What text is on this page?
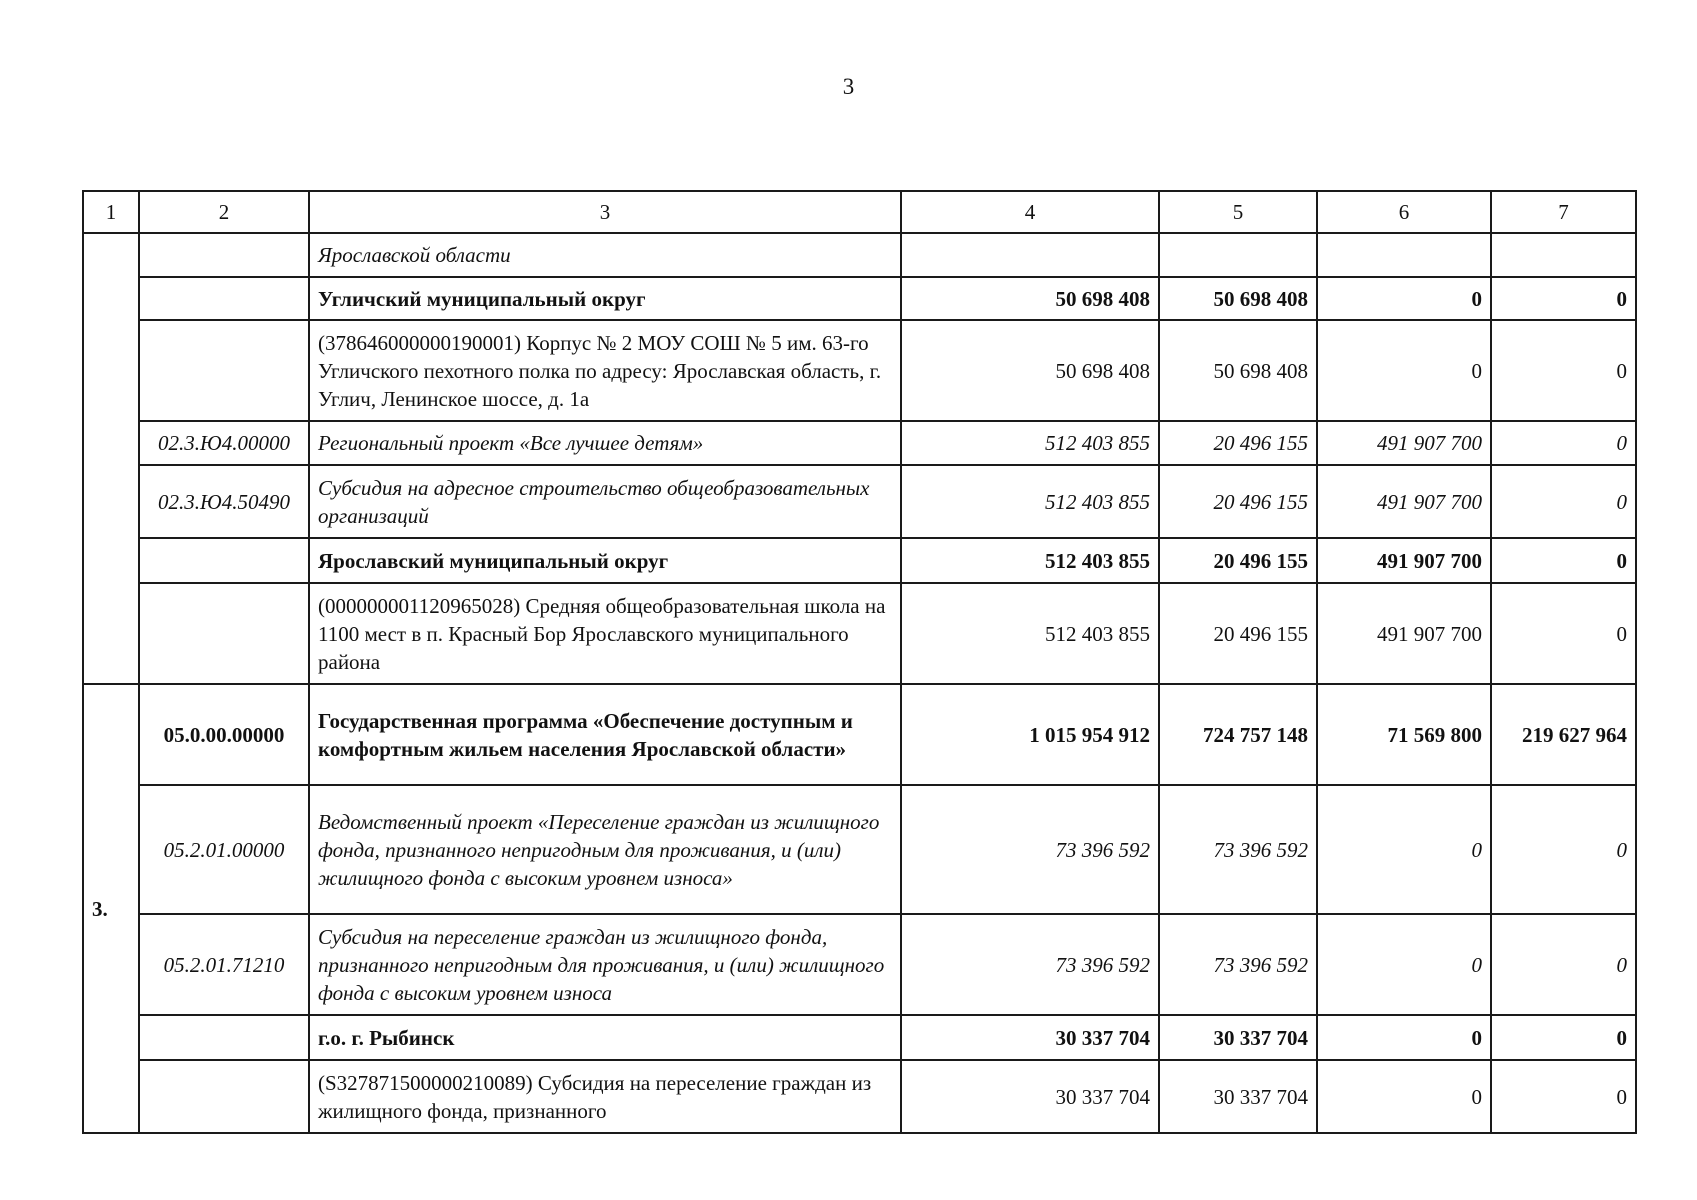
3
1	2	3	4	5	6	7
		Ярославской области				
		Угличский муниципальный округ	50 698 408	50 698 408	0	0
		(378646000000190001) Корпус № 2 МОУ СОШ № 5 им. 63-го Угличского пехотного полка по адресу: Ярославская область, г. Углич, Ленинское шоссе, д. 1а	50 698 408	50 698 408	0	0
	02.3.Ю4.00000	Региональный проект «Все лучшее детям»	512 403 855	20 496 155	491 907 700	0
	02.3.Ю4.50490	Субсидия на адресное строительство общеобразовательных организаций	512 403 855	20 496 155	491 907 700	0
		Ярославский муниципальный округ	512 403 855	20 496 155	491 907 700	0
		(000000001120965028) Средняя общеобразовательная школа на 1100 мест в п. Красный Бор Ярославского муниципального района	512 403 855	20 496 155	491 907 700	0
3.	05.0.00.00000	Государственная программа «Обеспечение доступным и комфортным жильем населения Ярославской области»	1 015 954 912	724 757 148	71 569 800	219 627 964
	05.2.01.00000	Ведомственный проект «Переселение граждан из жилищного фонда, признанного непригодным для проживания, и (или) жилищного фонда с высоким уровнем износа»	73 396 592	73 396 592	0	0
	05.2.01.71210	Субсидия на переселение граждан из жилищного фонда, признанного непригодным для проживания, и (или) жилищного фонда с высоким уровнем износа	73 396 592	73 396 592	0	0
		г.о. г. Рыбинск	30 337 704	30 337 704	0	0
		(S327871500000210089) Субсидия на переселение граждан из жилищного фонда, признанного	30 337 704	30 337 704	0	0
